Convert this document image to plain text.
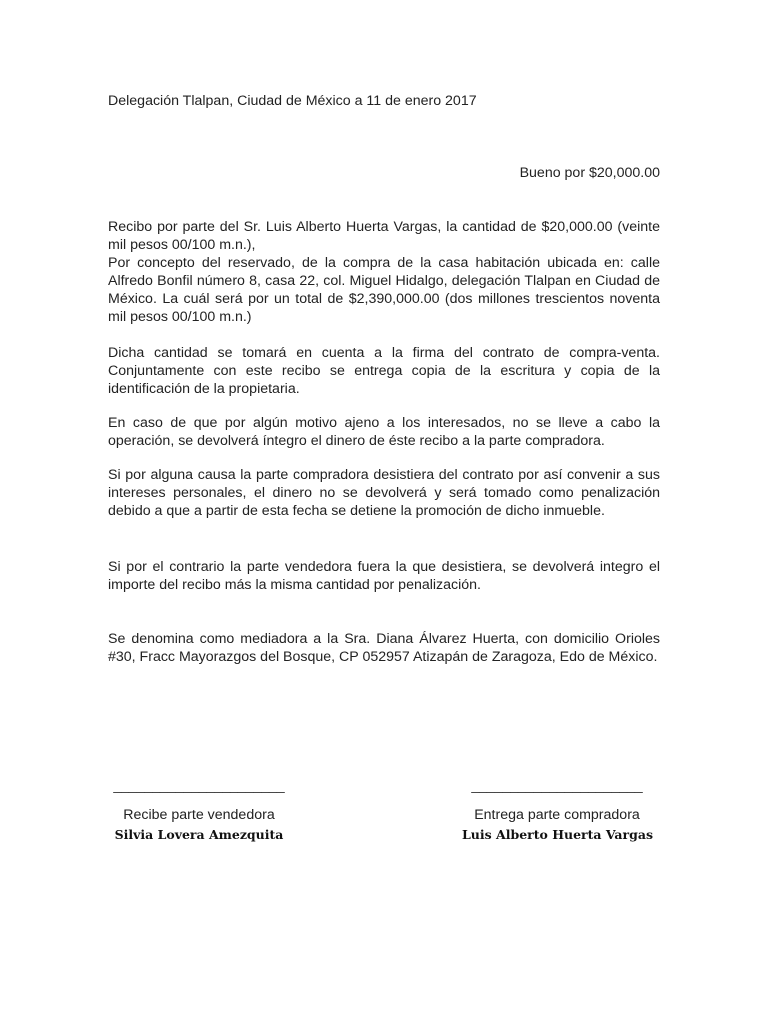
Delegación Tlalpan, Ciudad de México a 11 de enero 2017

Bueno por $20,000.00

Recibo por parte del Sr. Luis Alberto Huerta Vargas, la cantidad de $20,000.00 (veinte mil pesos 00/100 m.n.),
Por concepto del reservado, de la compra de la casa habitación ubicada en: calle Alfredo Bonfil número 8, casa 22, col. Miguel Hidalgo, delegación Tlalpan en Ciudad de México. La cuál será por un total de $2,390,000.00 (dos millones trescientos noventa mil pesos 00/100 m.n.)

Dicha cantidad se tomará en cuenta a la firma del contrato de compra-venta. Conjuntamente con este recibo se entrega copia de la escritura y copia de la identificación de la propietaria.

En caso de que por algún motivo ajeno a los interesados, no se lleve a cabo la operación, se devolverá íntegro el dinero de éste recibo a la parte compradora.

Si por alguna causa la parte compradora desistiera del contrato por así convenir a sus intereses personales, el dinero no se devolverá y será tomado como penalización debido a que a partir de esta fecha se detiene la promoción de dicho inmueble.

Si por el contrario la parte vendedora fuera la que desistiera, se devolverá integro el importe del recibo más la misma cantidad por penalización.

Se denomina como mediadora a la Sra. Diana Álvarez Huerta, con domicilio Orioles #30, Fracc Mayorazgos del Bosque, CP 052957 Atizapán de Zaragoza, Edo de México.

______________________

Recibe parte vendedora
Silvia Lovera Amezquita

______________________

Entrega parte compradora
Luis Alberto Huerta Vargas
